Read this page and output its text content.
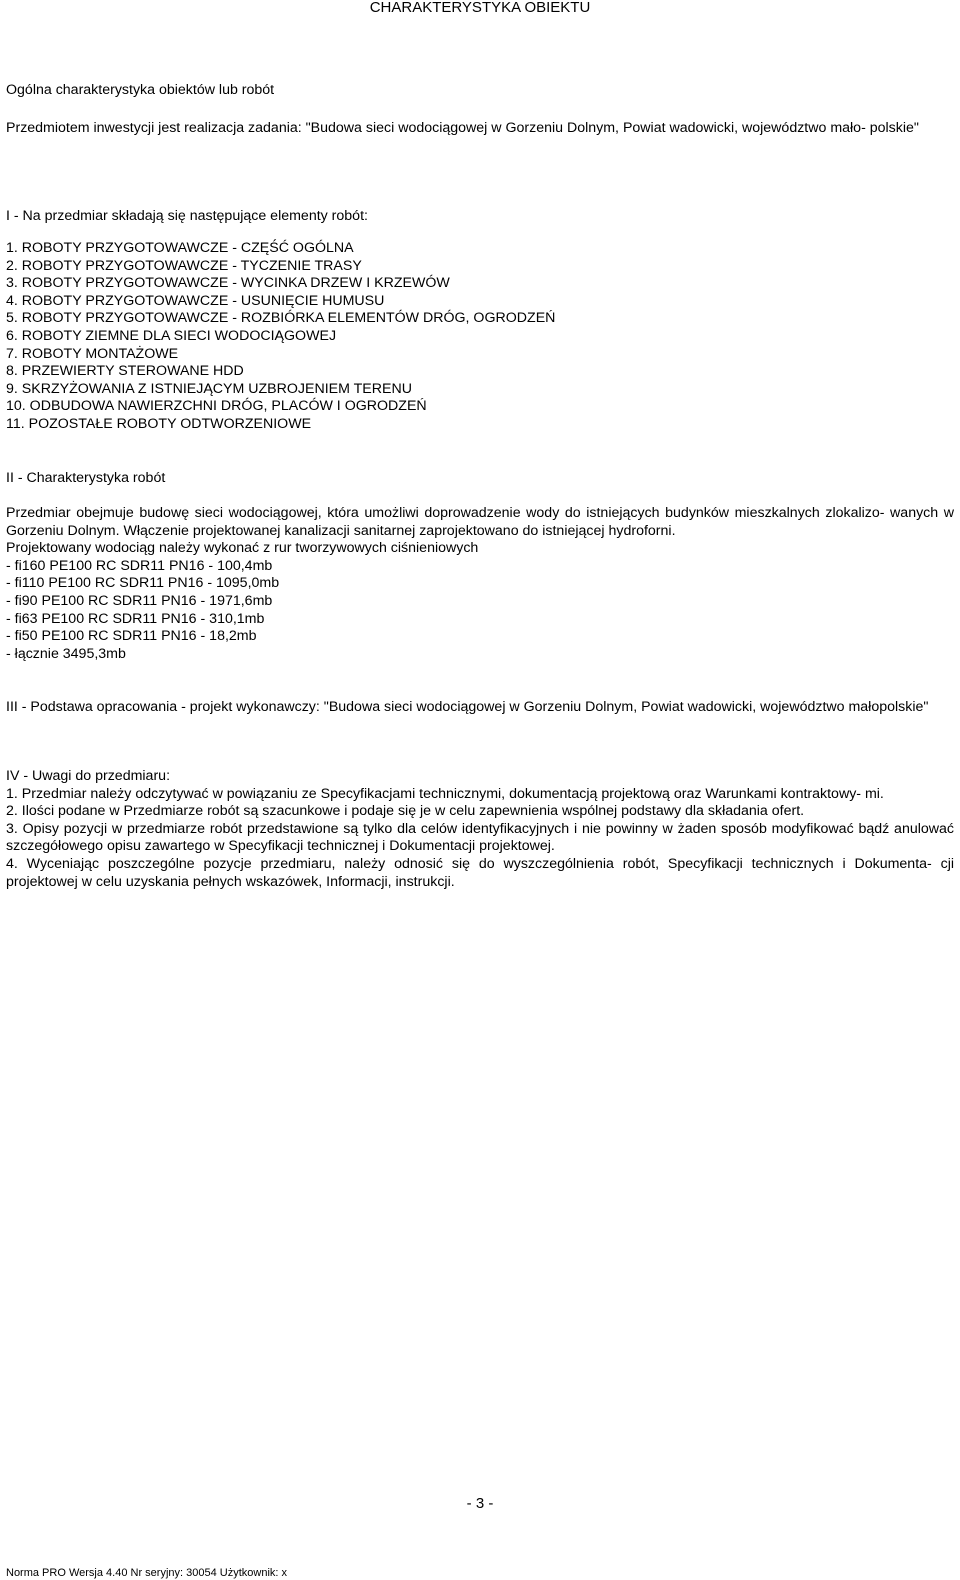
CHARAKTERYSTYKA OBIEKTU
Ogólna charakterystyka obiektów lub robót
Przedmiotem inwestycji jest realizacja zadania: "Budowa sieci wodociągowej w Gorzeniu Dolnym, Powiat wadowicki, województwo mało- polskie"
I - Na przedmiar składają się następujące elementy robót:
1. ROBOTY PRZYGOTOWAWCZE - CZĘŚĆ OGÓLNA
2. ROBOTY PRZYGOTOWAWCZE - TYCZENIE TRASY
3. ROBOTY PRZYGOTOWAWCZE - WYCINKA DRZEW I KRZEWÓW
4. ROBOTY PRZYGOTOWAWCZE - USUNIĘCIE HUMUSU
5. ROBOTY PRZYGOTOWAWCZE - ROZBIÓRKA ELEMENTÓW DRÓG, OGRODZEŃ
6. ROBOTY ZIEMNE DLA SIECI WODOCIĄGOWEJ
7. ROBOTY MONTAŻOWE
8. PRZEWIERTY STEROWANE HDD
9. SKRZYŻOWANIA Z ISTNIEJĄCYM UZBROJENIEM TERENU
10. ODBUDOWA NAWIERZCHNI DRÓG, PLACÓW I OGRODZEŃ
11. POZOSTAŁE ROBOTY ODTWORZENIOWE
II - Charakterystyka robót

Przedmiar obejmuje budowę sieci wodociągowej, która umożliwi doprowadzenie wody do istniejących budynków mieszkalnych zlokalizo- wanych w Gorzeniu Dolnym. Włączenie projektowanej kanalizacji sanitarnej zaprojektowano do istniejącej hydroforni.

Projektowany wodociąg należy wykonać z rur tworzywowych ciśnieniowych

- fi160 PE100 RC SDR11 PN16 - 100,4mb
- fi110 PE100 RC SDR11 PN16 - 1095,0mb
- fi90 PE100 RC SDR11 PN16 - 1971,6mb
- fi63 PE100 RC SDR11 PN16 - 310,1mb
- fi50 PE100 RC SDR11 PN16 - 18,2mb
- łącznie 3495,3mb
III - Podstawa opracowania - projekt wykonawczy: "Budowa sieci wodociągowej w Gorzeniu Dolnym, Powiat wadowicki, województwo małopolskie"

IV - Uwagi do przedmiaru:

1. Przedmiar należy odczytywać w powiązaniu ze Specyfikacjami technicznymi, dokumentacją projektową oraz Warunkami kontraktowy- mi.

2. Ilości podane w Przedmiarze robót są szacunkowe i podaje się je w celu zapewnienia wspólnej podstawy dla składania ofert.

3. Opisy pozycji w przedmiarze robót przedstawione są tylko dla celów identyfikacyjnych i nie powinny w żaden sposób modyfikować bądź anulować szczegółowego opisu zawartego w Specyfikacji technicznej i Dokumentacji projektowej.

4. Wyceniając poszczególne pozycje przedmiaru, należy odnosić się do wyszczególnienia robót, Specyfikacji technicznych i Dokumenta- cji projektowej w celu uzyskania pełnych wskazówek, Informacji, instrukcji.

- 3 -
Norma PRO Wersja 4.40 Nr seryjny: 30054 Użytkownik: x
